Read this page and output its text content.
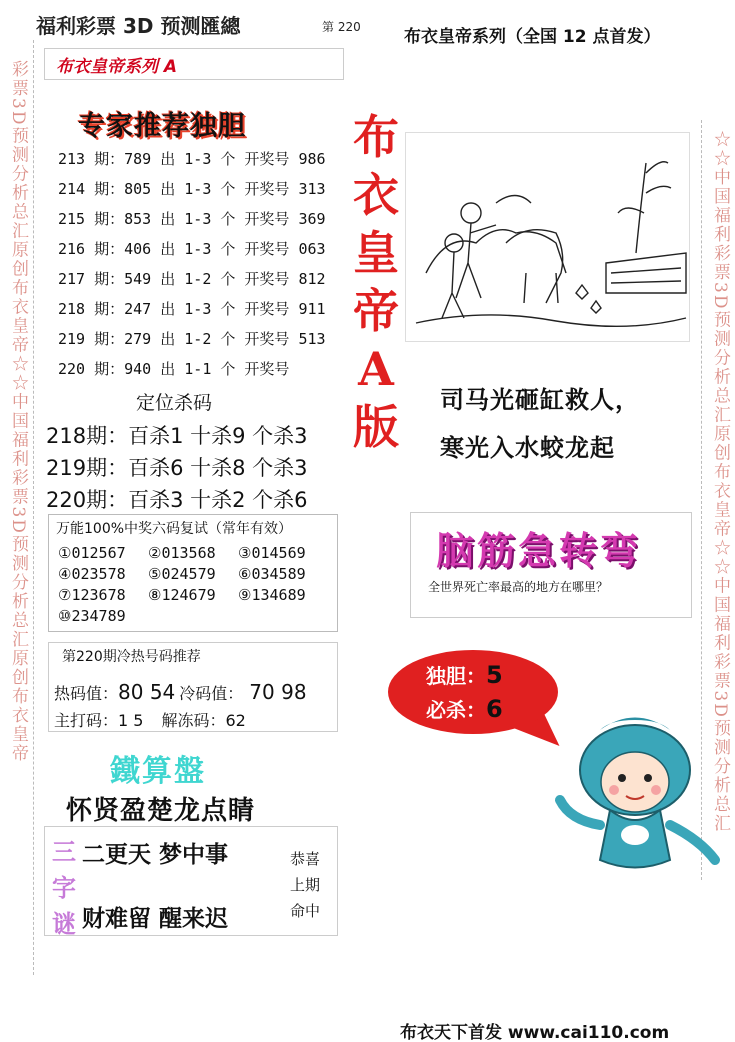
彩票3D预测分析总汇原创布衣皇帝☆☆中国福利彩票3D预测分析总汇原创布衣皇帝	☆☆中国福利彩票3D预测分析总汇原创布衣皇帝☆☆中国福利彩票3D预测分析总汇
福利彩票 3D 预测匯總	第 220	布衣皇帝系列（全国 12 点首发）
布衣皇帝系列 A
专家推荐独胆
213 期：789 出 1-3 个 开奖号 986
214 期：805 出 1-3 个 开奖号 313
215 期：853 出 1-3 个 开奖号 369
216 期：406 出 1-3 个 开奖号 063
217 期：549 出 1-2 个 开奖号 812
218 期：247 出 1-3 个 开奖号 911
219 期：279 出 1-2 个 开奖号 513
220 期：940 出 1-1 个 开奖号
布
衣
皇
帝
A
版
定位杀码
218期：百杀1 十杀9 个杀3
219期：百杀6 十杀8 个杀3
220期：百杀3 十杀2 个杀6
万能100%中奖六码复试（常年有效）
①012567 ②013568 ③014569
④023578 ⑤024579 ⑥034589
⑦123678 ⑧124679 ⑨134689
⑩234789
第220期冷热号码推荐
热码值：80 54 冷码值： 70 98
主打码：1 5 解冻码：62
鐵算盤
怀贤盈楚龙点睛
三
字
谜
二更天 梦中事
财难留 醒来迟
恭喜
上期
命中
司马光砸缸救人，
寒光入水蛟龙起
脑筋急转弯
全世界死亡率最高的地方在哪里？
独胆：5
必杀：6
布衣天下首发 www.cai110.com
